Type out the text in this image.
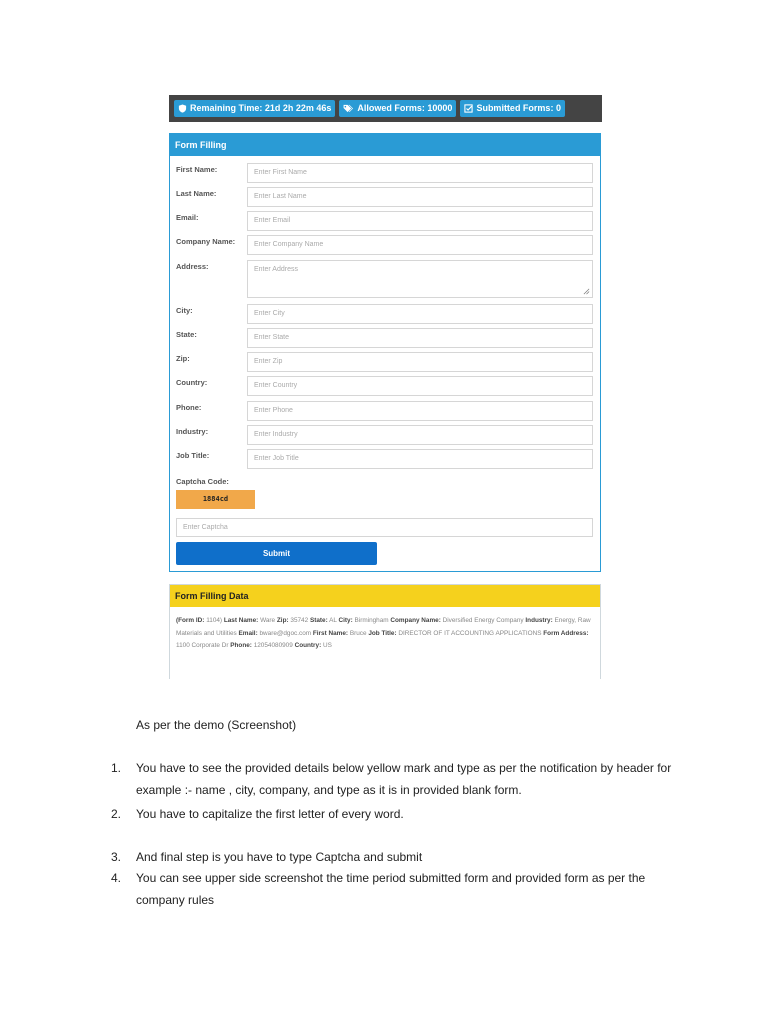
Remaining Time: 21d 2h 22m 46s	Allowed Forms: 10000	Submitted Forms: 0
Form Filling
First Name:	Enter First Name
Last Name:	Enter Last Name
Email:	Enter Email
Company Name:	Enter Company Name
Address:	Enter Address
City:	Enter City
State:	Enter State
Zip:	Enter Zip
Country:	Enter Country
Phone:	Enter Phone
Industry:	Enter Industry
Job Title:	Enter Job Title
Captcha Code:
1884cd
Enter Captcha
Submit
Form Filling Data
(Form ID: 1104) Last Name: Ware Zip: 35742 State: AL City: Birmingham Company Name: Diversified Energy Company Industry: Energy, Raw Materials and Utilities Email: bware@dgoc.com First Name: Bruce Job Title: DIRECTOR OF IT ACCOUNTING APPLICATIONS Form Address: 1100 Corporate Dr Phone: 12054080909 Country: US
As per the demo (Screenshot)
1. You have to see the provided details below yellow mark and type as per the notification by header for example :- name , city, company, and type as it is in provided blank form.
2. You have to capitalize the first letter of every word.
3. And final step is you have to type Captcha and submit
4. You can see upper side screenshot the time period submitted form and provided form as per the company rules
